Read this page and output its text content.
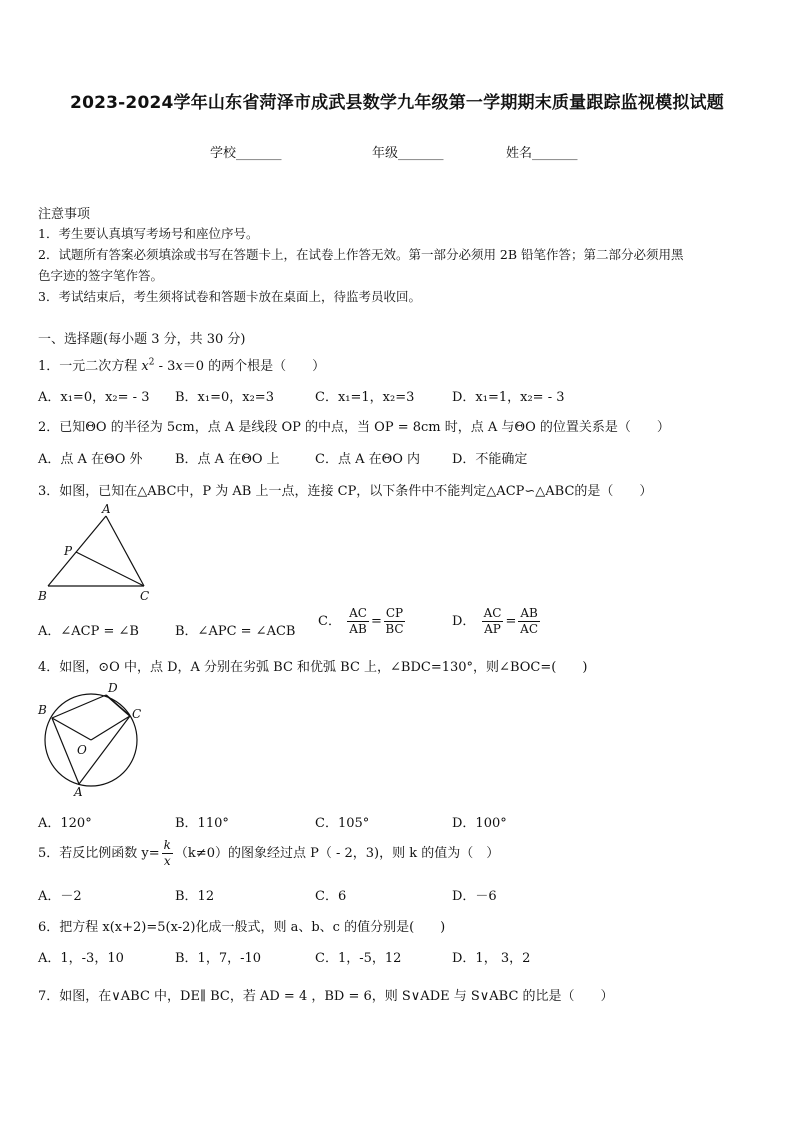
2023-2024学年山东省菏泽市成武县数学九年级第一学期期末质量跟踪监视模拟试题
学校_______	年级_______	姓名_______
注意事项
1．考生要认真填写考场号和座位序号。
2．试题所有答案必须填涂或书写在答题卡上，在试卷上作答无效。第一部分必须用 2B 铅笔作答；第二部分必须用黑
色字迹的签字笔作答。
3．考试结束后，考生须将试卷和答题卡放在桌面上，待监考员收回。
一、选择题(每小题 3 分，共 30 分)
1．一元二次方程 $x^2 - 3x=0$ 的两个根是（　　）
A．x₁=0，x₂= - 3 B．x₁=0，x₂=3	C．x₁=1，x₂=3	D．x₁=1，x₂= - 3
2．已知ΘO 的半径为 5cm，点 A 是线段 OP 的中点，当 OP = 8cm 时，点 A 与ΘO 的位置关系是（　　）
A．点 A 在ΘO 外	B．点 A 在ΘO 上	C．点 A 在ΘO 内 D．不能确定
3．如图，已知在△ABC中，P 为 AB 上一点，连接 CP，以下条件中不能判定△ACP∽△ABC的是（　　）
A
P
B	C
A．∠ACP = ∠B	B．∠APC = ∠ACB
C． $\frac{AC}{AB} = \frac{CP}{BC}$	D． $\frac{AC}{AP} = \frac{AB}{AC}$
4．如图，⊙O 中，点 D，A 分别在劣弧 BC 和优弧 BC 上，∠BDC=130°，则∠BOC=(　　)
D
B	C
O
A
A．120°	B．110°	C．105°	D．100°
5．若反比例函数 $y= \frac{k}{x} (k\ne 0)$的图象经过点 P（ - 2，3)，则 k 的值为（　）
A．－2	B．12	C．6	D．－6
6．把方程 x(x+2)=5(x-2)化成一般式，则 a、b、c 的值分别是(　　)
A．1，-3，10	B．1，7，-10	C．1，-5，12	D．1， 3，2
7．如图，在∨ABC 中，DE∥ BC，若 AD = 4 ，BD = 6，则 S∨ADE 与 S∨ABC 的比是（　　）
